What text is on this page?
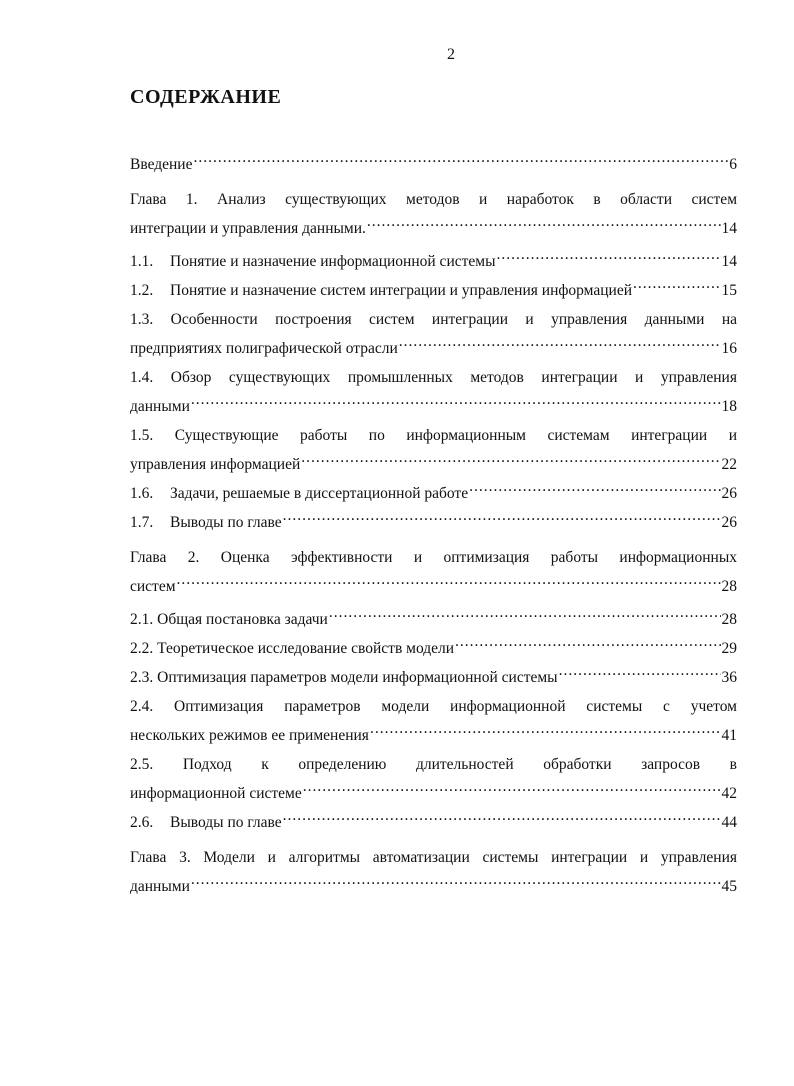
2
СОДЕРЖАНИЕ
Введение .....	6
Глава 1. Анализ существующих методов и наработок в области систем
интеграции и управления данными. .....	14
1.1. Понятие и назначение информационной системы .....	14
1.2. Понятие и назначение систем интеграции и управления информацией .....	15
1.3. Особенности построения систем интеграции и управления данными на
предприятиях полиграфической отрасли .....	16
1.4. Обзор существующих промышленных методов интеграции и управления
данными .....	18
1.5. Существующие работы по информационным системам интеграции и
управления информацией .....	22
1.6. Задачи, решаемые в диссертационной работе .....	26
1.7. Выводы по главе .....	26
Глава 2. Оценка эффективности и оптимизация работы информационных
систем .....	28
2.1. Общая постановка задачи .....	28
2.2. Теоретическое исследование свойств модели .....	29
2.3. Оптимизация параметров модели информационной системы .....	36
2.4. Оптимизация параметров модели информационной системы с учетом
нескольких режимов ее применения .....	41
2.5. Подход к определению длительностей обработки запросов в
информационной системе .....	42
2.6. Выводы по главе .....	44
Глава 3. Модели и алгоритмы автоматизации системы интеграции и управления
данными .....	45
